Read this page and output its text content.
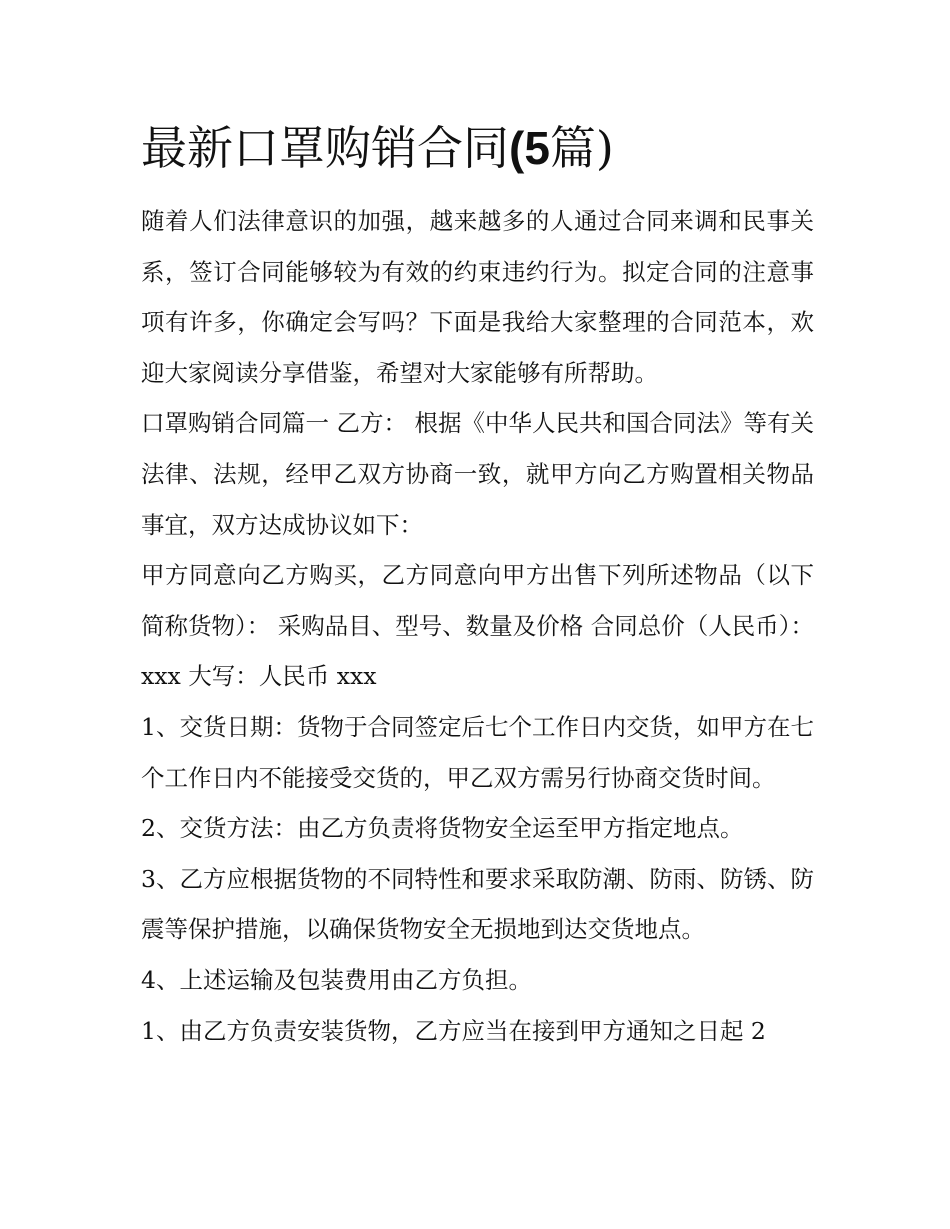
最新口罩购销合同(5篇)

随着人们法律意识的加强，越来越多的人通过合同来调和民事关系，签订合同能够较为有效的约束违约行为。拟定合同的注意事项有许多，你确定会写吗？下面是我给大家整理的合同范本，欢迎大家阅读分享借鉴，希望对大家能够有所帮助。

口罩购销合同篇一 乙方： 根据《中华人民共和国合同法》等有关法律、法规，经甲乙双方协商一致，就甲方向乙方购置相关物品事宜，双方达成协议如下：

甲方同意向乙方购买，乙方同意向甲方出售下列所述物品（以下简称货物）： 采购品目、型号、数量及价格 合同总价（人民币）：xxx 大写：人民币 xxx

1、交货日期：货物于合同签定后七个工作日内交货，如甲方在七个工作日内不能接受交货的，甲乙双方需另行协商交货时间。

2、交货方法：由乙方负责将货物安全运至甲方指定地点。

3、乙方应根据货物的不同特性和要求采取防潮、防雨、防锈、防震等保护措施，以确保货物安全无损地到达交货地点。

4、上述运输及包装费用由乙方负担。

1、由乙方负责安装货物，乙方应当在接到甲方通知之日起 2
